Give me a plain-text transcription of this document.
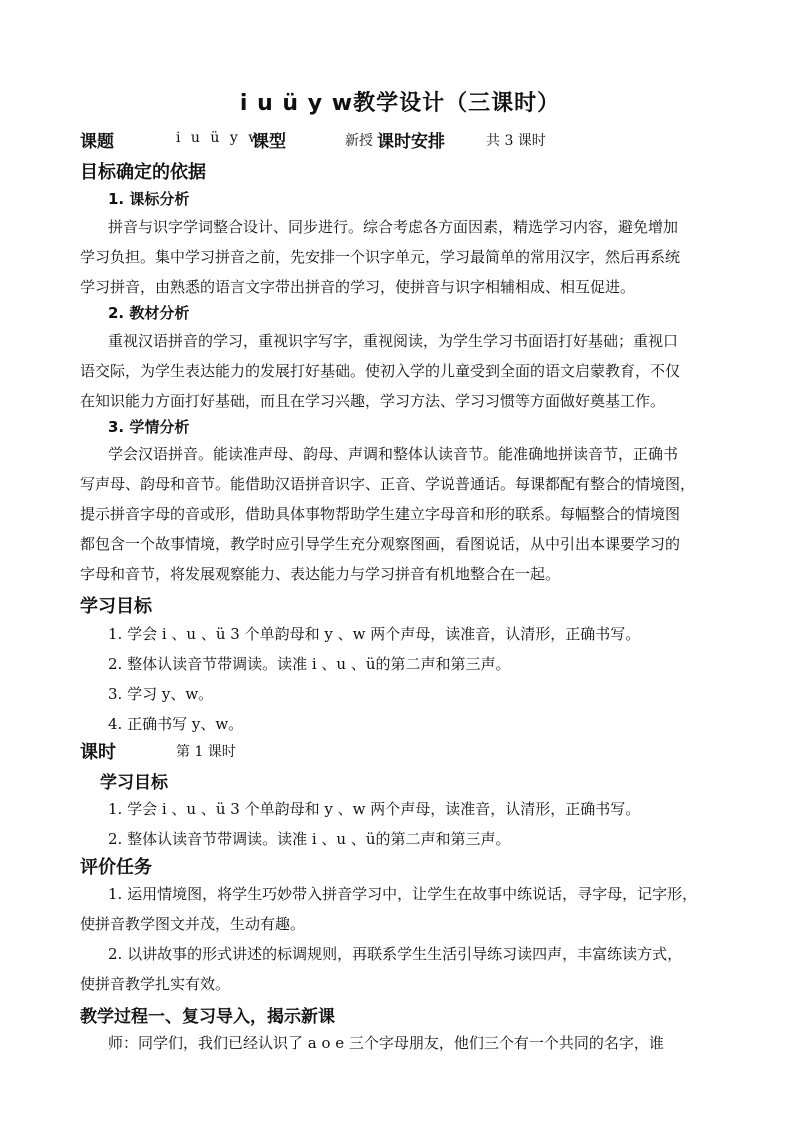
i u ü y w教学设计（三课时）
课题	i u ü y w
课型	新授 课时安排	共 3 课时
目标确定的依据
1. 课标分析
拼音与识字学词整合设计、同步进行。综合考虑各方面因素，精选学习内容，避免增加
学习负担。集中学习拼音之前，先安排一个识字单元，学习最简单的常用汉字，然后再系统
学习拼音，由熟悉的语言文字带出拼音的学习，使拼音与识字相辅相成、相互促进。
2. 教材分析
重视汉语拼音的学习，重视识字写字，重视阅读，为学生学习书面语打好基础；重视口
语交际，为学生表达能力的发展打好基础。使初入学的儿童受到全面的语文启蒙教育，不仅
在知识能力方面打好基础，而且在学习兴趣，学习方法、学习习惯等方面做好奠基工作。
3. 学情分析
学会汉语拼音。能读准声母、韵母、声调和整体认读音节。能准确地拼读音节，正确书
写声母、韵母和音节。能借助汉语拼音识字、正音、学说普通话。每课都配有整合的情境图，
提示拼音字母的音或形，借助具体事物帮助学生建立字母音和形的联系。每幅整合的情境图
都包含一个故事情境，教学时应引导学生充分观察图画，看图说话，从中引出本课要学习的
字母和音节，将发展观察能力、表达能力与学习拼音有机地整合在一起。
学习目标
1. 学会 i 、u 、ü 3 个单韵母和 y 、w 两个声母，读准音，认清形，正确书写。
2. 整体认读音节带调读。读准 i 、u 、ü的第二声和第三声。
3. 学习 y、w。
4. 正确书写 y、w。
课时	第 1 课时
学习目标
1. 学会 i 、u 、ü 3 个单韵母和 y 、w 两个声母，读准音，认清形，正确书写。
2. 整体认读音节带调读。读准 i 、u 、ü的第二声和第三声。
评价任务
1. 运用情境图，将学生巧妙带入拼音学习中，让学生在故事中练说话，寻字母，记字形，
使拼音教学图文并茂，生动有趣。
2. 以讲故事的形式讲述的标调规则，再联系学生生活引导练习读四声，丰富练读方式，
使拼音教学扎实有效。
教学过程一、复习导入，揭示新课
师：同学们，我们已经认识了 a o e 三个字母朋友，他们三个有一个共同的名字，谁
